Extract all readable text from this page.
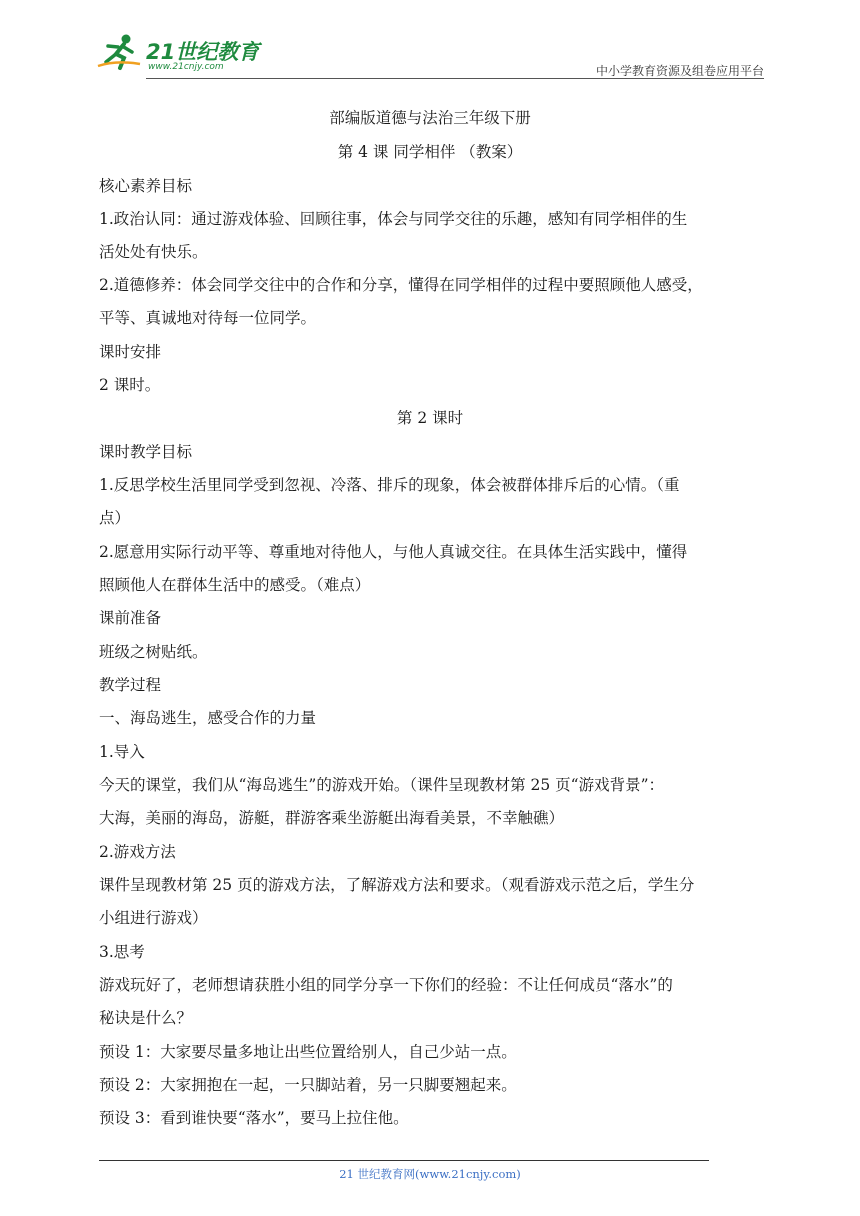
21世纪教育
www.21cnjy.com	中小学教育资源及组卷应用平台
部编版道德与法治三年级下册
第 4 课 同学相伴 （教案）
核心素养目标
1.政治认同：通过游戏体验、回顾往事，体会与同学交往的乐趣，感知有同学相伴的生
活处处有快乐。
2.道德修养：体会同学交往中的合作和分享，懂得在同学相伴的过程中要照顾他人感受，
平等、真诚地对待每一位同学。
课时安排
2 课时。
第 2 课时
课时教学目标
1.反思学校生活里同学受到忽视、冷落、排斥的现象，体会被群体排斥后的心情。（重
点）
2.愿意用实际行动平等、尊重地对待他人，与他人真诚交往。在具体生活实践中，懂得
照顾他人在群体生活中的感受。（难点）
课前准备
班级之树贴纸。
教学过程
一、海岛逃生，感受合作的力量
1.导入
今天的课堂，我们从“海岛逃生”的游戏开始。（课件呈现教材第 25 页“游戏背景”：
大海，美丽的海岛，游艇，群游客乘坐游艇出海看美景，不幸触礁）
2.游戏方法
课件呈现教材第 25 页的游戏方法，了解游戏方法和要求。（观看游戏示范之后，学生分
小组进行游戏）
3.思考
游戏玩好了，老师想请获胜小组的同学分享一下你们的经验：不让任何成员“落水”的
秘诀是什么？
预设 1：大家要尽量多地让出些位置给别人，自己少站一点。
预设 2：大家拥抱在一起，一只脚站着，另一只脚要翘起来。
预设 3：看到谁快要“落水”，要马上拉住他。
21 世纪教育网(www.21cnjy.com)
